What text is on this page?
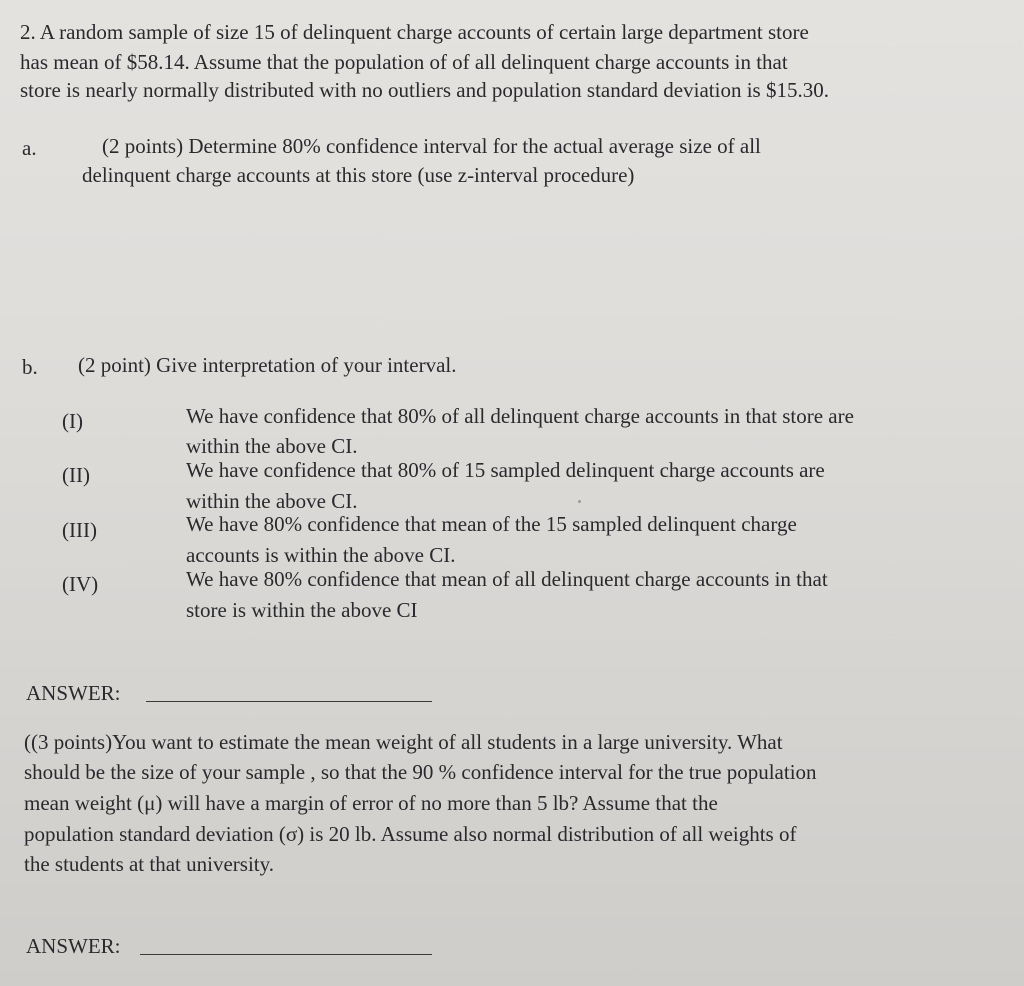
2. A random sample of size 15 of delinquent charge accounts of certain large department store
has mean of $58.14. Assume that the population of of all delinquent charge accounts in that
store is nearly normally distributed with no outliers and population standard deviation is $15.30.
a.	(2 points) Determine 80% confidence interval for the actual average size of all
delinquent charge accounts at this store (use z-interval procedure)
b. (2 point) Give interpretation of your interval.
(I)	We have confidence that 80% of all delinquent charge accounts in that store are
within the above CI.
(II)	We have confidence that 80% of 15 sampled delinquent charge accounts are
within the above CI.
(III)	We have 80% confidence that mean of the 15 sampled delinquent charge
accounts is within the above CI.
(IV)	We have 80% confidence that mean of all delinquent charge accounts in that
store is within the above CI
ANSWER:
((3 points)You want to estimate the mean weight of all students in a large university. What
should be the size of your sample , so that the 90 % confidence interval for the true population
mean weight (μ) will have a margin of error of no more than 5 lb? Assume that the
population standard deviation (σ) is 20 lb. Assume also normal distribution of all weights of
the students at that university.
ANSWER:
